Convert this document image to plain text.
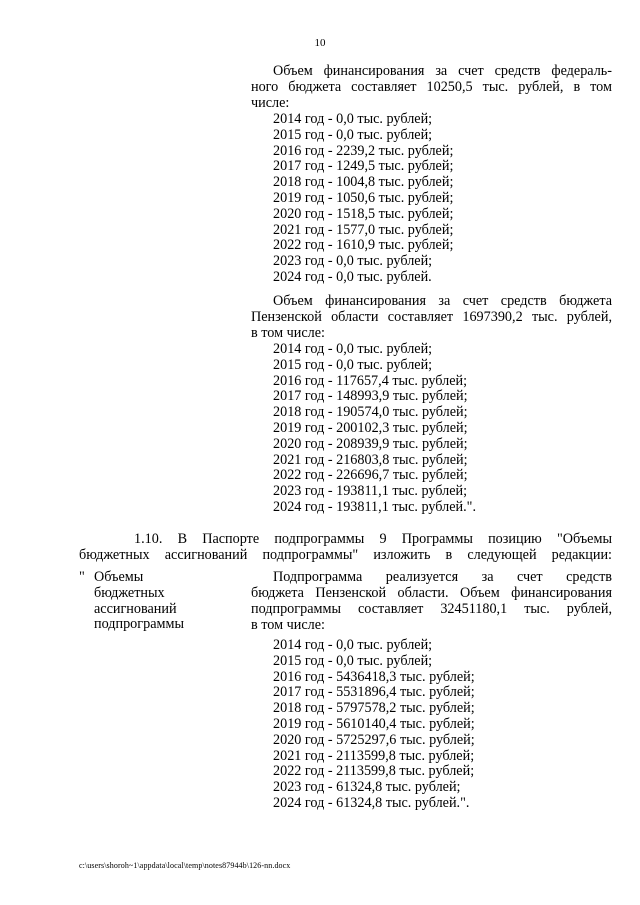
10

Объем финансирования за счет средств федераль-

ного бюджета составляет 10250,5 тыс. рублей, в том

числе:

2014 год - 0,0 тыс. рублей;
2015 год - 0,0 тыс. рублей;
2016 год - 2239,2 тыс. рублей;
2017 год - 1249,5 тыс. рублей;
2018 год - 1004,8 тыс. рублей;
2019 год - 1050,6 тыс. рублей;
2020 год - 1518,5 тыс. рублей;
2021 год - 1577,0 тыс. рублей;
2022 год - 1610,9 тыс. рублей;
2023 год - 0,0 тыс. рублей;
2024 год - 0,0 тыс. рублей.

Объем финансирования за счет средств бюджета

Пензенской области составляет 1697390,2 тыс. рублей,

в том числе:

2014 год - 0,0 тыс. рублей;
2015 год - 0,0 тыс. рублей;
2016 год - 117657,4 тыс. рублей;
2017 год - 148993,9 тыс. рублей;
2018 год - 190574,0 тыс. рублей;
2019 год - 200102,3 тыс. рублей;
2020 год - 208939,9 тыс. рублей;
2021 год - 216803,8 тыс. рублей;
2022 год - 226696,7 тыс. рублей;
2023 год - 193811,1 тыс. рублей;
2024 год - 193811,1 тыс. рублей.".

1.10. В Паспорте подпрограммы 9 Программы позицию "Объемы

бюджетных ассигнований подпрограммы" изложить в следующей редакции:

" Объемы
бюджетных
ассигнований
подпрограммы

Подпрограмма реализуется за счет средств

бюджета Пензенской области. Объем финансирования

подпрограммы составляет 32451180,1 тыс. рублей,

в том числе:

2014 год - 0,0 тыс. рублей;
2015 год - 0,0 тыс. рублей;
2016 год - 5436418,3 тыс. рублей;
2017 год - 5531896,4 тыс. рублей;
2018 год - 5797578,2 тыс. рублей;
2019 год - 5610140,4 тыс. рублей;
2020 год - 5725297,6 тыс. рублей;
2021 год - 2113599,8 тыс. рублей;
2022 год - 2113599,8 тыс. рублей;
2023 год - 61324,8 тыс. рублей;
2024 год - 61324,8 тыс. рублей.".
c:\users\shoroh~1\appdata\local\temp\notes87944b\126-nn.docx
